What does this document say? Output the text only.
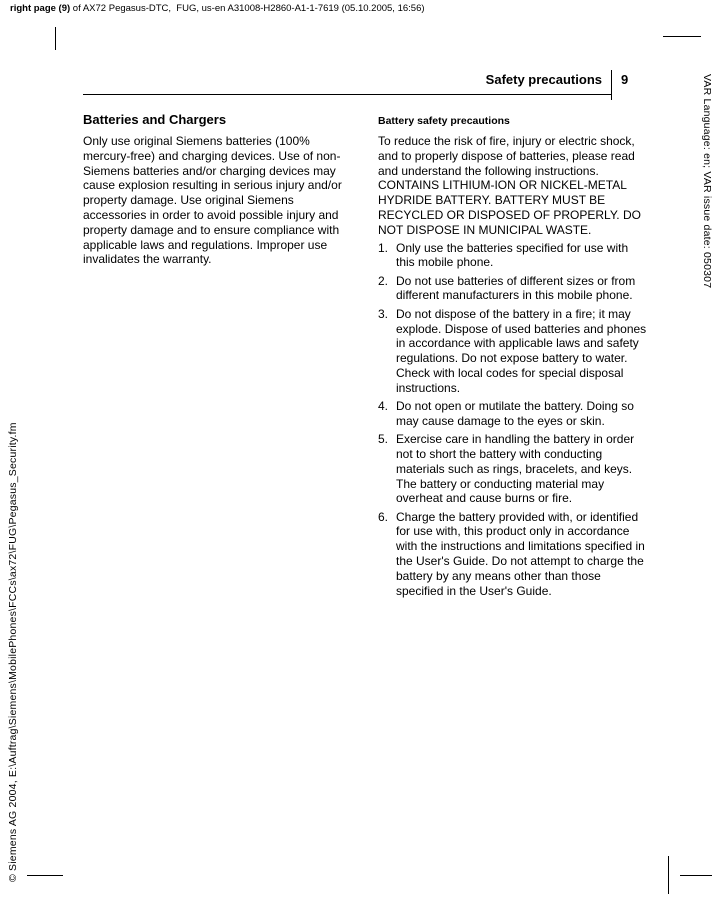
right page (9) of AX72 Pegasus-DTC,  FUG, us-en A31008-H2860-A1-1-7619 (05.10.2005, 16:56)
© Siemens AG 2004, E:\Auftrag\Siemens\MobilePhones\FCCs\ax72\FUG\Pegasus_Security.fm
VAR Language: en; VAR issue date: 050307
Safety precautions 9
Batteries and Chargers

Only use original Siemens batteries (100% mercury-free) and charging devices. Use of non-Siemens batteries and/or charging devices may cause explosion resulting in serious injury and/or property damage. Use original Siemens accessories in order to avoid possible injury and property damage and to ensure compliance with applicable laws and regulations. Improper use invalidates the warranty.

Battery safety precautions

To reduce the risk of fire, injury or electric shock, and to properly dispose of batteries, please read and understand the following instructions. CONTAINS LITHIUM-ION OR NICKEL-METAL HYDRIDE BATTERY. BATTERY MUST BE RECYCLED OR DISPOSED OF PROPERLY. DO NOT DISPOSE IN MUNICIPAL WASTE.

1. Only use the batteries specified for use with this mobile phone.
2. Do not use batteries of different sizes or from different manufacturers in this mobile phone.
3. Do not dispose of the battery in a fire; it may explode. Dispose of used batteries and phones in accordance with applicable laws and safety regulations. Do not expose battery to water. Check with local codes for special disposal instructions.
4. Do not open or mutilate the battery. Doing so may cause damage to the eyes or skin.
5. Exercise care in handling the battery in order not to short the battery with conducting materials such as rings, bracelets, and keys. The battery or conducting material may overheat and cause burns or fire.
6. Charge the battery provided with, or identified for use with, this product only in accordance with the instructions and limitations specified in the User's Guide. Do not attempt to charge the battery by any means other than those specified in the User's Guide.
